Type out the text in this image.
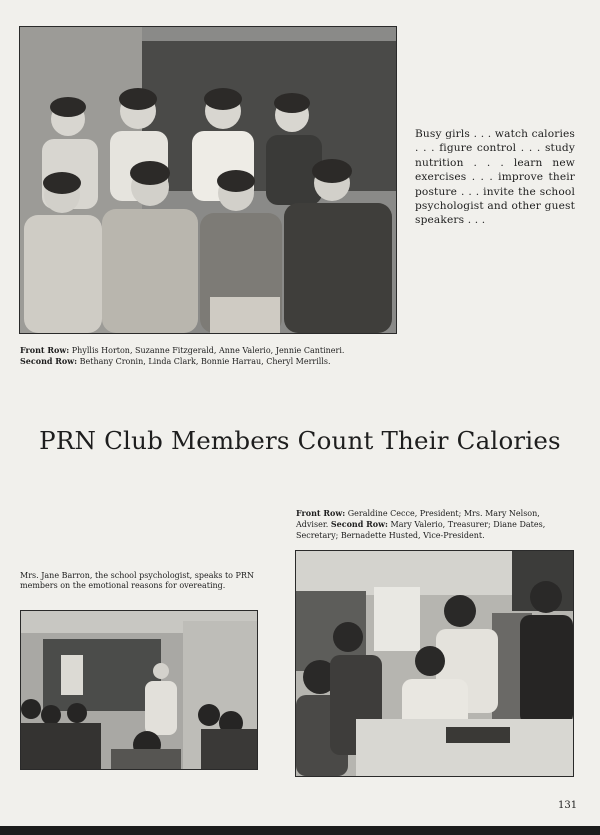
Busy girls . . . watch calories . . . figure control . . . study nutrition . . . learn new exercises . . . improve their posture . . . invite the school psychologist and other guest speakers . . .
Front Row: Phyllis Horton, Suzanne Fitzgerald, Anne Valerio, Jennie Cantineri.
Second Row: Bethany Cronin, Linda Clark, Bonnie Harrau, Cheryl Merrills.
PRN Club Members Count Their Calories
Front Row: Geraldine Cecce, President; Mrs. Mary Nelson, Adviser. Second Row: Mary Valerio, Treasurer; Diane Dates, Secretary; Bernadette Husted, Vice-President.
Mrs. Jane Barron, the school psychologist, speaks to PRN members on the emotional reasons for overeating.
131
